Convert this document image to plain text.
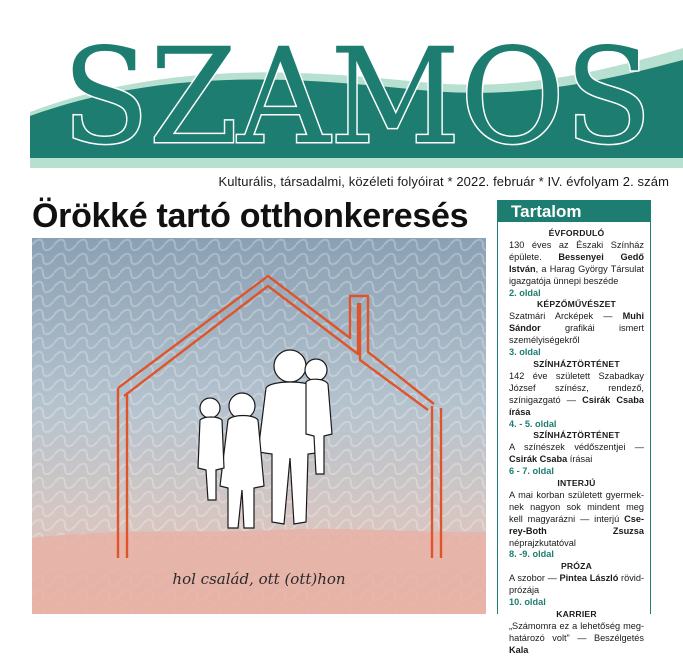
SZAMOS
Kulturális, társadalmi, közéleti folyóirat * 2022. február * IV. évfolyam 2. szám
Örökké tartó otthonkeresés
hol család, ott (ott)hon
Tartalom
ÉVFORDULÓ
130 éves az Északi Színház épülete. Bessenyei Gedő István, a Harag György Társulat igazgatója ünnepi beszéde
2. oldal
KÉPZŐMŰVÉSZET
Szatmári Arcképek — Muhi Sándor grafikái ismert személyiségekről
3. oldal
SZÍNHÁZTÖRTÉNET
142 éve született Szabadkay József színész, rendező, színigazgató — Csirák Csaba írása
4. - 5. oldal
SZÍNHÁZTÖRTÉNET
A színészek védőszentjei — Csirák Csaba írásai
6 - 7. oldal
INTERJÚ
A mai korban született gyermeknek nagyon sok mindent meg kell magyarázni — interjú Cserey-Both Zsuzsa néprajzkutatóval
8. -9. oldal
PRÓZA
A szobor — Pintea László rövidprózája
10. oldal
KARRIER
„Számomra ez a lehetőség meghatározó volt” — Beszélgetés Kala
